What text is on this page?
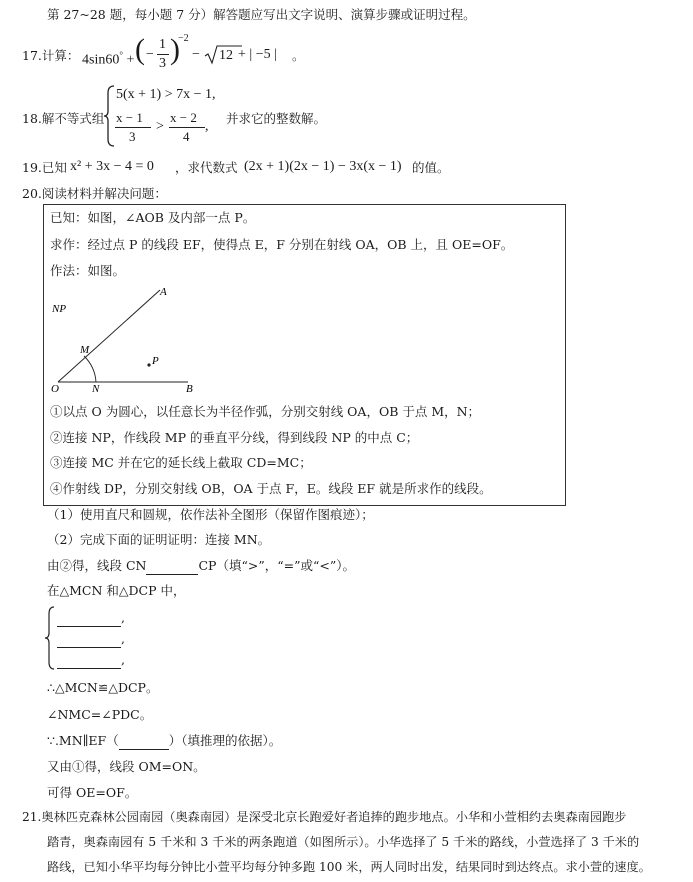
第 27~28 题，每小题 7 分）解答题应写出文字说明、演算步骤或证明过程。
17.计算： 4sin60° + ( −
1
3 )
−2
− 12 + | −5 | 。
18.解不等式组
5(x + 1) > 7x − 1,
x − 1
3
>
x − 2
4
,
并求它的整数解。
19.已知 x² + 3x − 4 = 0 ，求代数式 (2x + 1)(2x − 1) − 3x(x − 1) 的值。
20.阅读材料并解决问题：
已知：如图，∠AOB 及内部一点 P。
求作：经过点 P 的线段 EF，使得点 E，F 分别在射线 OA，OB 上，且 OE=OF。
作法：如图。
NP
A
M
P
O	N	B
①以点 O 为圆心，以任意长为半径作弧，分别交射线 OA，OB 于点 M，N；
②连接 NP，作线段 MP 的垂直平分线，得到线段 NP 的中点 C；
③连接 MC 并在它的延长线上截取 CD=MC；
④作射线 DP，分别交射线 OB，OA 于点 F，E。线段 EF 就是所求作的线段。
（1）使用直尺和圆规，依作法补全图形（保留作图痕迹）；
（2）完成下面的证明证明：连接 MN。
由②得，线段 CN	CP（填“>”，“=”或“<”）。
在△MCN 和△DCP 中，
,
,
,
∴△MCN≌△DCP。
∠NMC=∠PDC。
∵.MN∥EF（	）（填推理的依据）。
又由①得，线段 OM=ON。
可得 OE=OF。
21.奥林匹克森林公园南园（奥森南园）是深受北京长跑爱好者追捧的跑步地点。小华和小萱相约去奥森南园跑步
踏青，奥森南园有 5 千米和 3 千米的两条跑道（如图所示）。小华选择了 5 千米的路线，小萱选择了 3 千米的
路线，已知小华平均每分钟比小萱平均每分钟多跑 100 米，两人同时出发，结果同时到达终点。求小萱的速度。
